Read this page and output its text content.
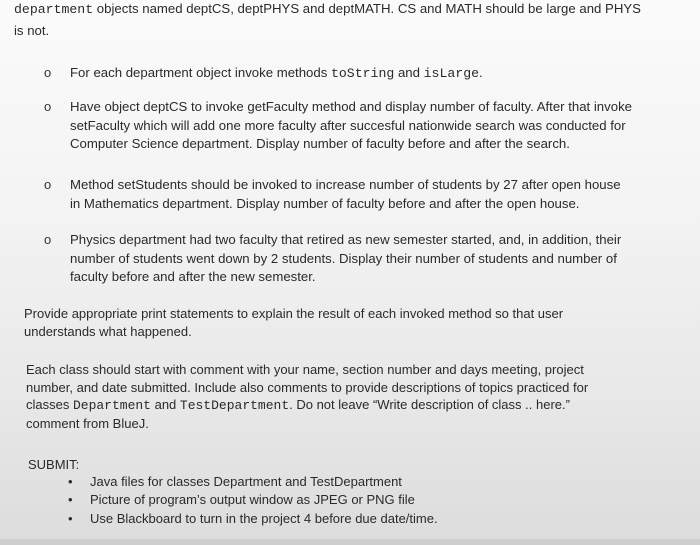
department objects named deptCS, deptPHYS and deptMATH. CS and MATH should be large and PHYS
is not.
o For each department object invoke methods toString and isLarge.
o Have object deptCS to invoke getFaculty method and display number of faculty. After that invoke
setFaculty which will add one more faculty after succesful nationwide search was conducted for
Computer Science department. Display number of faculty before and after the search.
o Method setStudents should be invoked to increase number of students by 27 after open house
in Mathematics department. Display number of faculty before and after the open house.
o Physics department had two faculty that retired as new semester started, and, in addition, their
number of students went down by 2 students. Display their number of students and number of
faculty before and after the new semester.
Provide appropriate print statements to explain the result of each invoked method so that user
understands what happened.
Each class should start with comment with your name, section number and days meeting, project
number, and date submitted. Include also comments to provide descriptions of topics practiced for
classes Department and TestDepartment. Do not leave “Write description of class .. here.”
comment from BlueJ.
SUBMIT:
• Java files for classes Department and TestDepartment
• Picture of program’s output window as JPEG or PNG file
• Use Blackboard to turn in the project 4 before due date/time.
